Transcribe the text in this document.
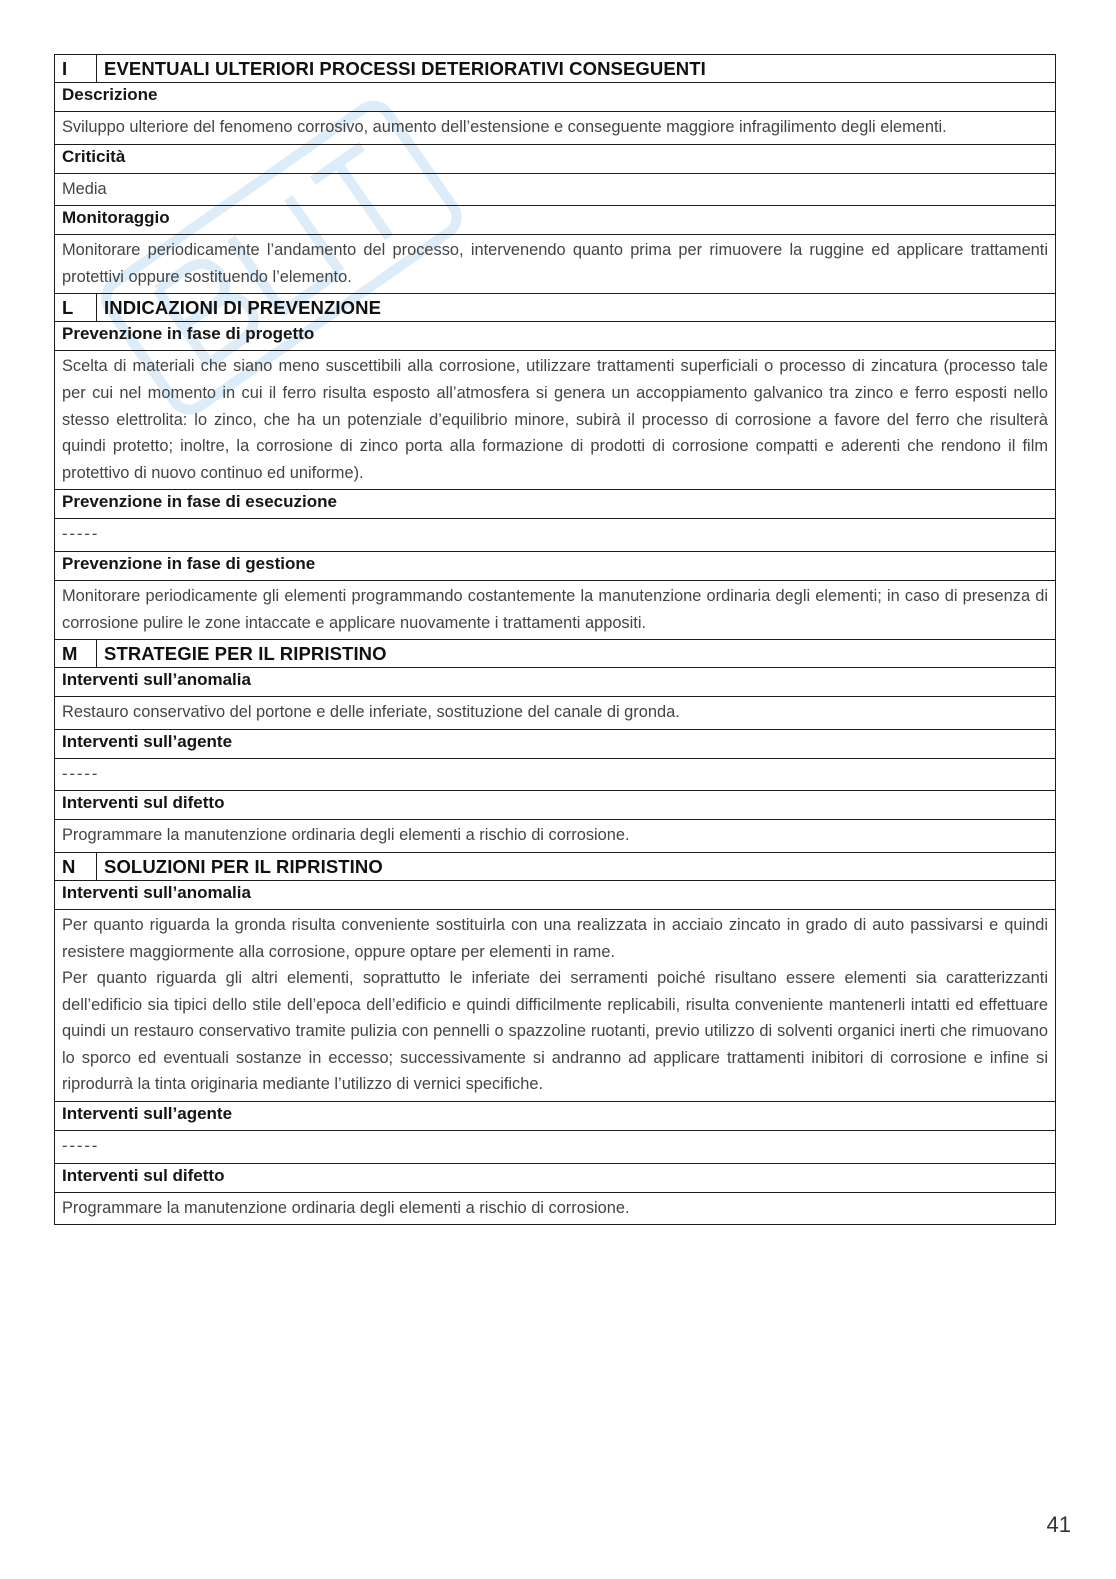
I	EVENTUALI ULTERIORI PROCESSI DETERIORATIVI CONSEGUENTI
Descrizione	
Sviluppo ulteriore del fenomeno corrosivo, aumento dell’estensione e conseguente maggiore infragilimento degli elementi.	
Criticità	
Media	
Monitoraggio	
Monitorare periodicamente l’andamento del processo, intervenendo quanto prima per rimuovere la ruggine ed applicare trattamenti protettivi oppure sostituendo l’elemento.	
L	INDICAZIONI DI PREVENZIONE
Prevenzione in fase di progetto	
Scelta di materiali che siano meno suscettibili alla corrosione, utilizzare trattamenti superficiali o processo di zincatura (processo tale per cui nel momento in cui il ferro risulta esposto all’atmosfera si genera un accoppiamento galvanico tra zinco e ferro esposti nello stesso elettrolita: lo zinco, che ha un potenziale d’equilibrio minore, subirà il processo di corrosione a favore del ferro che risulterà quindi protetto; inoltre, la corrosione di zinco porta alla formazione di prodotti di corrosione compatti e aderenti che rendono il film protettivo di nuovo continuo ed uniforme).	
Prevenzione in fase di esecuzione	
-----	
Prevenzione in fase di gestione	
Monitorare periodicamente gli elementi programmando costantemente la manutenzione ordinaria degli elementi; in caso di presenza di corrosione pulire le zone intaccate e applicare nuovamente i trattamenti appositi.	
M	STRATEGIE PER IL RIPRISTINO
Interventi sull’anomalia	
Restauro conservativo del portone e delle inferiate, sostituzione del canale di gronda.	
Interventi sull’agente	
-----	
Interventi sul difetto	
Programmare la manutenzione ordinaria degli elementi a rischio di corrosione.	
N	SOLUZIONI PER IL RIPRISTINO
Interventi sull’anomalia	

Per quanto riguarda la gronda risulta conveniente sostituirla con una realizzata in acciaio zincato in grado di auto passivarsi e quindi resistere maggiormente alla corrosione, oppure optare per elementi in rame.

Per quanto riguarda gli altri elementi, soprattutto le inferiate dei serramenti poiché risultano essere elementi sia caratterizzanti dell’edificio sia tipici dello stile dell’epoca dell’edificio e quindi difficilmente replicabili, risulta conveniente mantenerli intatti ed effettuare quindi un restauro conservativo tramite pulizia con pennelli o spazzoline ruotanti, previo utilizzo di solventi organici inerti che rimuovano lo sporco ed eventuali sostanze in eccesso; successivamente si andranno ad applicare trattamenti inibitori di corrosione e infine si riprodurrà la tinta originaria mediante l’utilizzo di vernici specifiche.	

Interventi sull’agente	
-----	
Interventi sul difetto	
Programmare la manutenzione ordinaria degli elementi a rischio di corrosione.	
41
